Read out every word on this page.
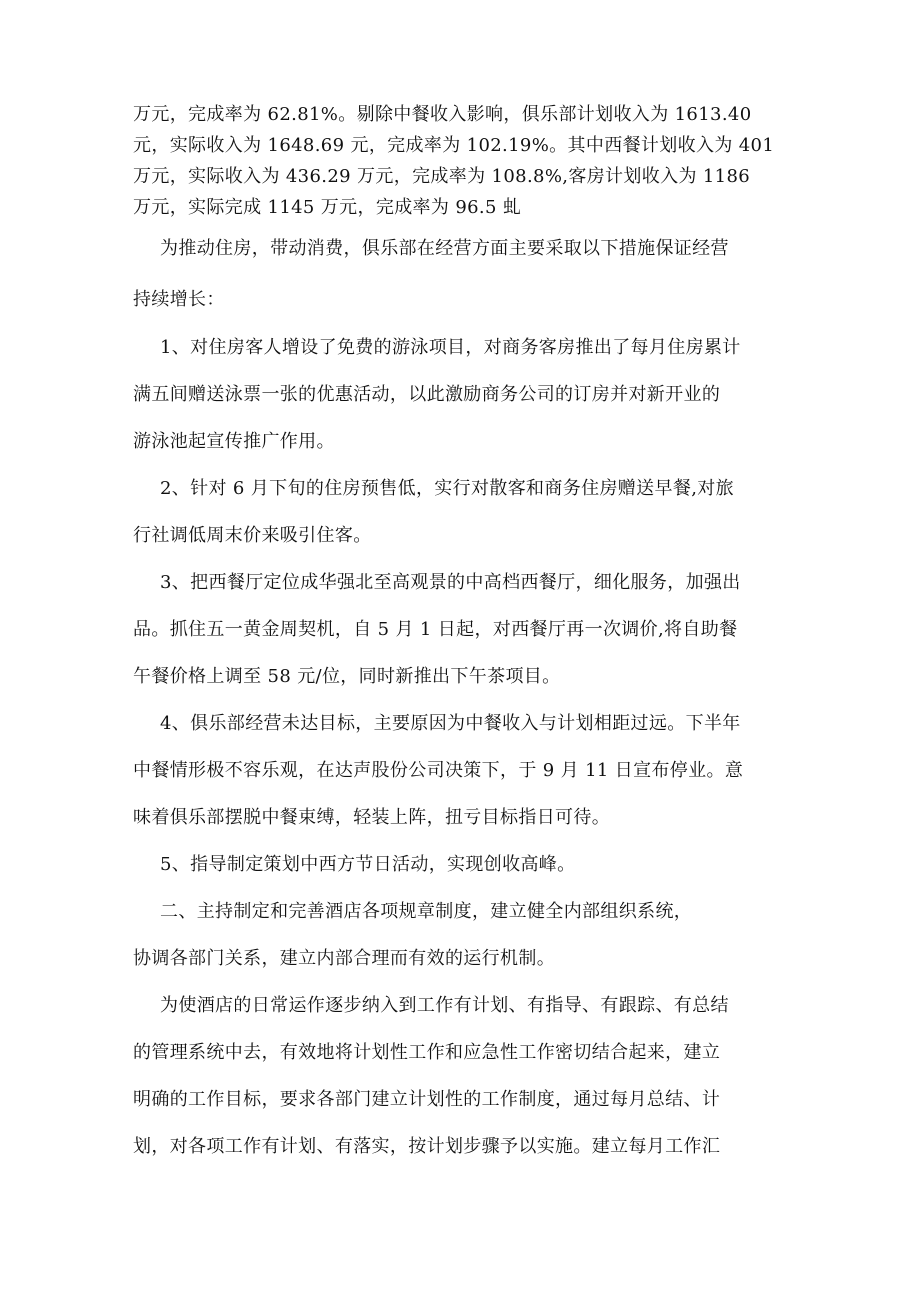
万元，完成率为 62.81%。剔除中餐收入影响，俱乐部计划收入为 1613.40
元，实际收入为 1648.69 元，完成率为 102.19%。其中西餐计划收入为 401
万元，实际收入为 436.29 万元，完成率为 108.8%,客房计划收入为 1186
万元，实际完成 1145 万元，完成率为 96.5 虬
为推动住房，带动消费，俱乐部在经营方面主要采取以下措施保证经营
持续增长：
1、对住房客人增设了免费的游泳项目，对商务客房推出了每月住房累计
满五间赠送泳票一张的优惠活动，以此激励商务公司的订房并对新开业的
游泳池起宣传推广作用。
2、针对 6 月下旬的住房预售低，实行对散客和商务住房赠送早餐,对旅
行社调低周末价来吸引住客。
3、把西餐厅定位成华强北至高观景的中高档西餐厅，细化服务，加强出
品。抓住五一黄金周契机，自 5 月 1 日起，对西餐厅再一次调价,将自助餐
午餐价格上调至 58 元/位，同时新推出下午茶项目。
4、俱乐部经营未达目标，主要原因为中餐收入与计划相距过远。下半年
中餐情形极不容乐观，在达声股份公司决策下，于 9 月 11 日宣布停业。意
味着俱乐部摆脱中餐束缚，轻装上阵，扭亏目标指日可待。
5、指导制定策划中西方节日活动，实现创收高峰。
二、主持制定和完善酒店各项规章制度，建立健全内部组织系统，
协调各部门关系，建立内部合理而有效的运行机制。
为使酒店的日常运作逐步纳入到工作有计划、有指导、有跟踪、有总结
的管理系统中去，有效地将计划性工作和应急性工作密切结合起来，建立
明确的工作目标，要求各部门建立计划性的工作制度，通过每月总结、计
划，对各项工作有计划、有落实，按计划步骤予以实施。建立每月工作汇
